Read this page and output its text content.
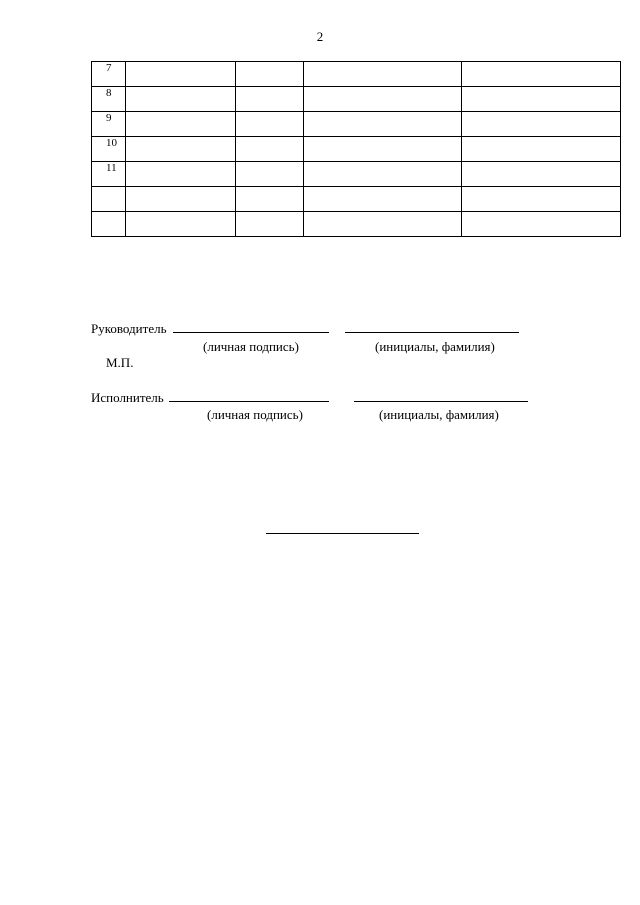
2
7				
8				
9				
10				
11				

Руководитель
(личная подпись)	(инициалы, фамилия)
М.П.
Исполнитель
(личная подпись)	(инициалы, фамилия)
